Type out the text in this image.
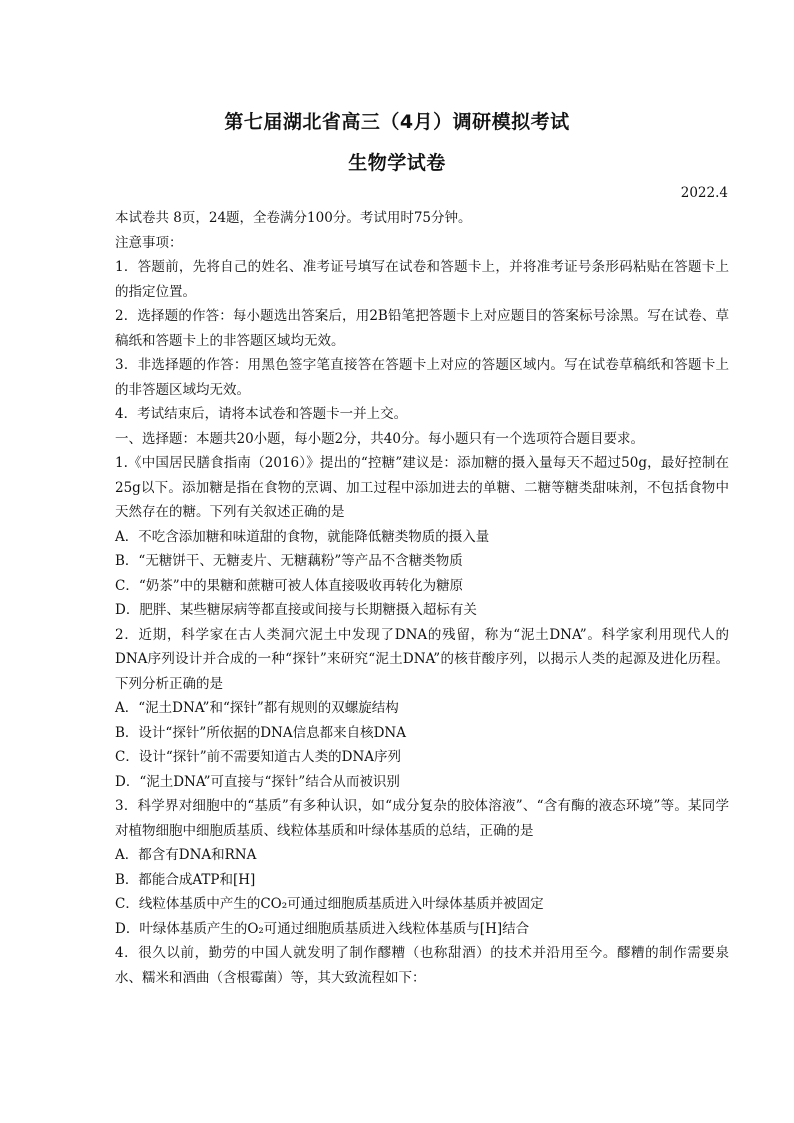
第七届湖北省高三（4月）调研模拟考试
生物学试卷
2022.4

本试卷共 8页，24题，全卷满分100分。考试用时75分钟。

注意事项：

1．答题前，先将自己的姓名、准考证号填写在试卷和答题卡上，并将准考证号条形码粘贴在答题卡上的指定位置。

2．选择题的作答：每小题选出答案后，用2B铅笔把答题卡上对应题目的答案标号涂黑。写在试卷、草稿纸和答题卡上的非答题区域均无效。

3．非选择题的作答：用黑色签字笔直接答在答题卡上对应的答题区域内。写在试卷草稿纸和答题卡上的非答题区域均无效。

4．考试结束后，请将本试卷和答题卡一并上交。

一、选择题：本题共20小题，每小题2分，共40分。每小题只有一个选项符合题目要求。

1.《中国居民膳食指南（2016）》提出的“控糖”建议是：添加糖的摄入量每天不超过50g，最好控制在25g以下。添加糖是指在食物的烹调、加工过程中添加进去的单糖、二糖等糖类甜味剂，不包括食物中天然存在的糖。下列有关叙述正确的是

A．不吃含添加糖和味道甜的食物，就能降低糖类物质的摄入量

B．“无糖饼干、无糖麦片、无糖藕粉”等产品不含糖类物质

C．“奶茶”中的果糖和蔗糖可被人体直接吸收再转化为糖原

D．肥胖、某些糖尿病等都直接或间接与长期糖摄入超标有关

2．近期，科学家在古人类洞穴泥土中发现了DNA的残留，称为“泥土DNA”。科学家利用现代人的DNA序列设计并合成的一种“探针”来研究“泥土DNA”的核苷酸序列，以揭示人类的起源及进化历程。下列分析正确的是

A．“泥土DNA”和“探针”都有规则的双螺旋结构

B．设计“探针”所依据的DNA信息都来自核DNA

C．设计“探针”前不需要知道古人类的DNA序列

D．“泥土DNA”可直接与“探针”结合从而被识别

3．科学界对细胞中的“基质”有多种认识，如“成分复杂的胶体溶液”、“含有酶的液态环境”等。某同学对植物细胞中细胞质基质、线粒体基质和叶绿体基质的总结，正确的是

A．都含有DNA和RNA

B．都能合成ATP和[H]

C．线粒体基质中产生的CO₂可通过细胞质基质进入叶绿体基质并被固定

D．叶绿体基质产生的O₂可通过细胞质基质进入线粒体基质与[H]结合

4．很久以前，勤劳的中国人就发明了制作醪糟（也称甜酒）的技术并沿用至今。醪糟的制作需要泉水、糯米和酒曲（含根霉菌）等，其大致流程如下：
